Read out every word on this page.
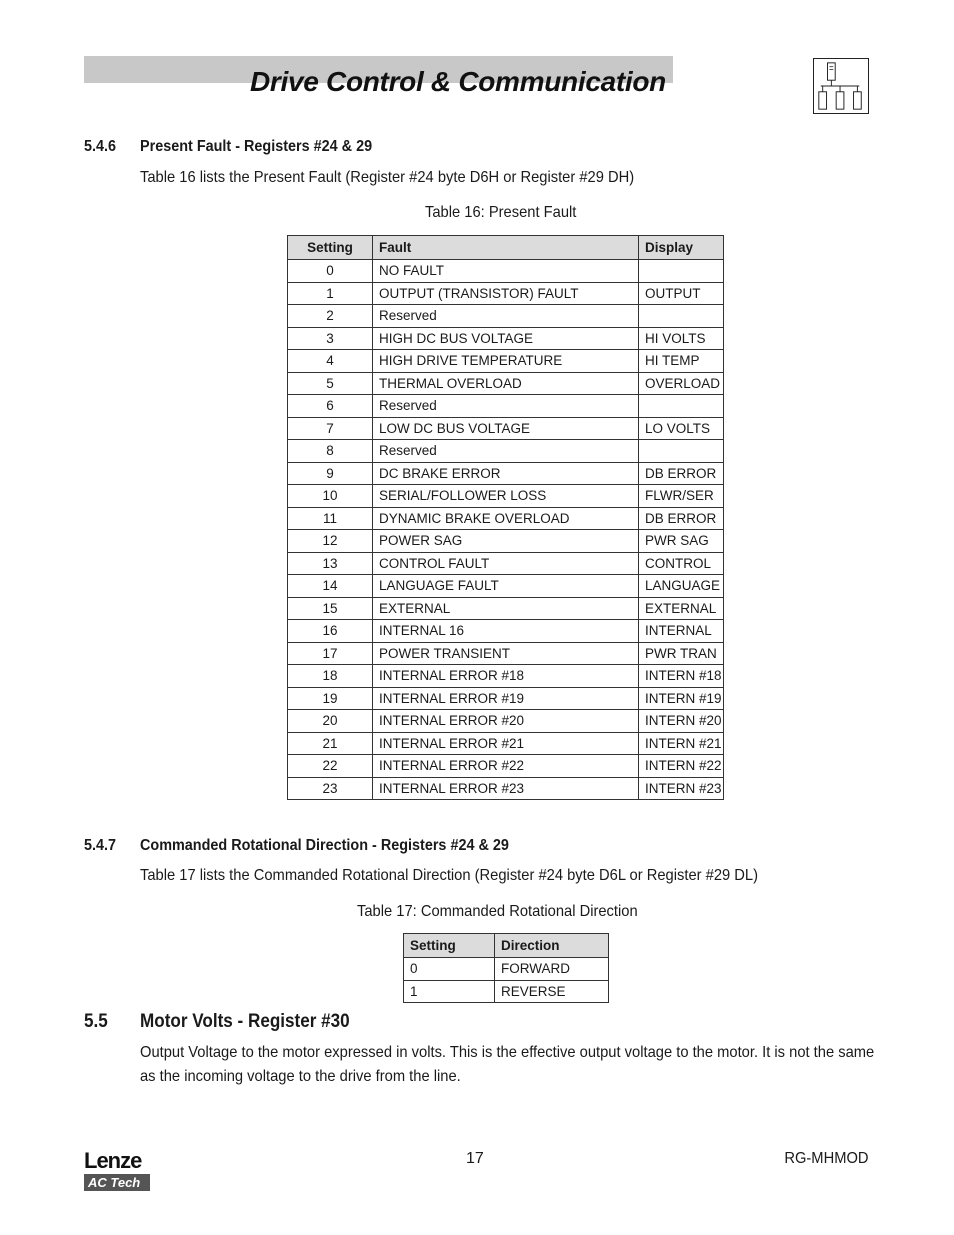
Drive Control & Communication
5.4.6 Present Fault - Registers #24 & 29

Table 16 lists the Present Fault (Register #24 byte D6H or Register #29 DH)

Table 16: Present Fault
Setting	Fault	Display
0	NO FAULT	
1	OUTPUT (TRANSISTOR) FAULT	OUTPUT
2	Reserved	
3	HIGH DC BUS VOLTAGE	HI VOLTS
4	HIGH DRIVE TEMPERATURE	HI TEMP
5	THERMAL OVERLOAD	OVERLOAD
6	Reserved	
7	LOW DC BUS VOLTAGE	LO VOLTS
8	Reserved	
9	DC BRAKE ERROR	DB ERROR
10	SERIAL/FOLLOWER LOSS	FLWR/SER
11	DYNAMIC BRAKE OVERLOAD	DB ERROR
12	POWER SAG	PWR SAG
13	CONTROL FAULT	CONTROL
14	LANGUAGE FAULT	LANGUAGE
15	EXTERNAL	EXTERNAL
16	INTERNAL 16	INTERNAL
17	POWER TRANSIENT	PWR TRAN
18	INTERNAL ERROR #18	INTERN #18
19	INTERNAL ERROR #19	INTERN #19
20	INTERNAL ERROR #20	INTERN #20
21	INTERNAL ERROR #21	INTERN #21
22	INTERNAL ERROR #22	INTERN #22
23	INTERNAL ERROR #23	INTERN #23
5.4.7 Commanded Rotational Direction - Registers #24 & 29

Table 17 lists the Commanded Rotational Direction (Register #24 byte D6L or Register #29 DL)

Table 17: Commanded Rotational Direction
Setting	Direction
0	FORWARD
1	REVERSE
5.5 Motor Volts - Register #30

Output Voltage to the motor expressed in volts. This is the effective output voltage to the motor. It is not the same as the incoming voltage to the drive from the line.

Lenze
AC Tech
17	RG-MHMOD
